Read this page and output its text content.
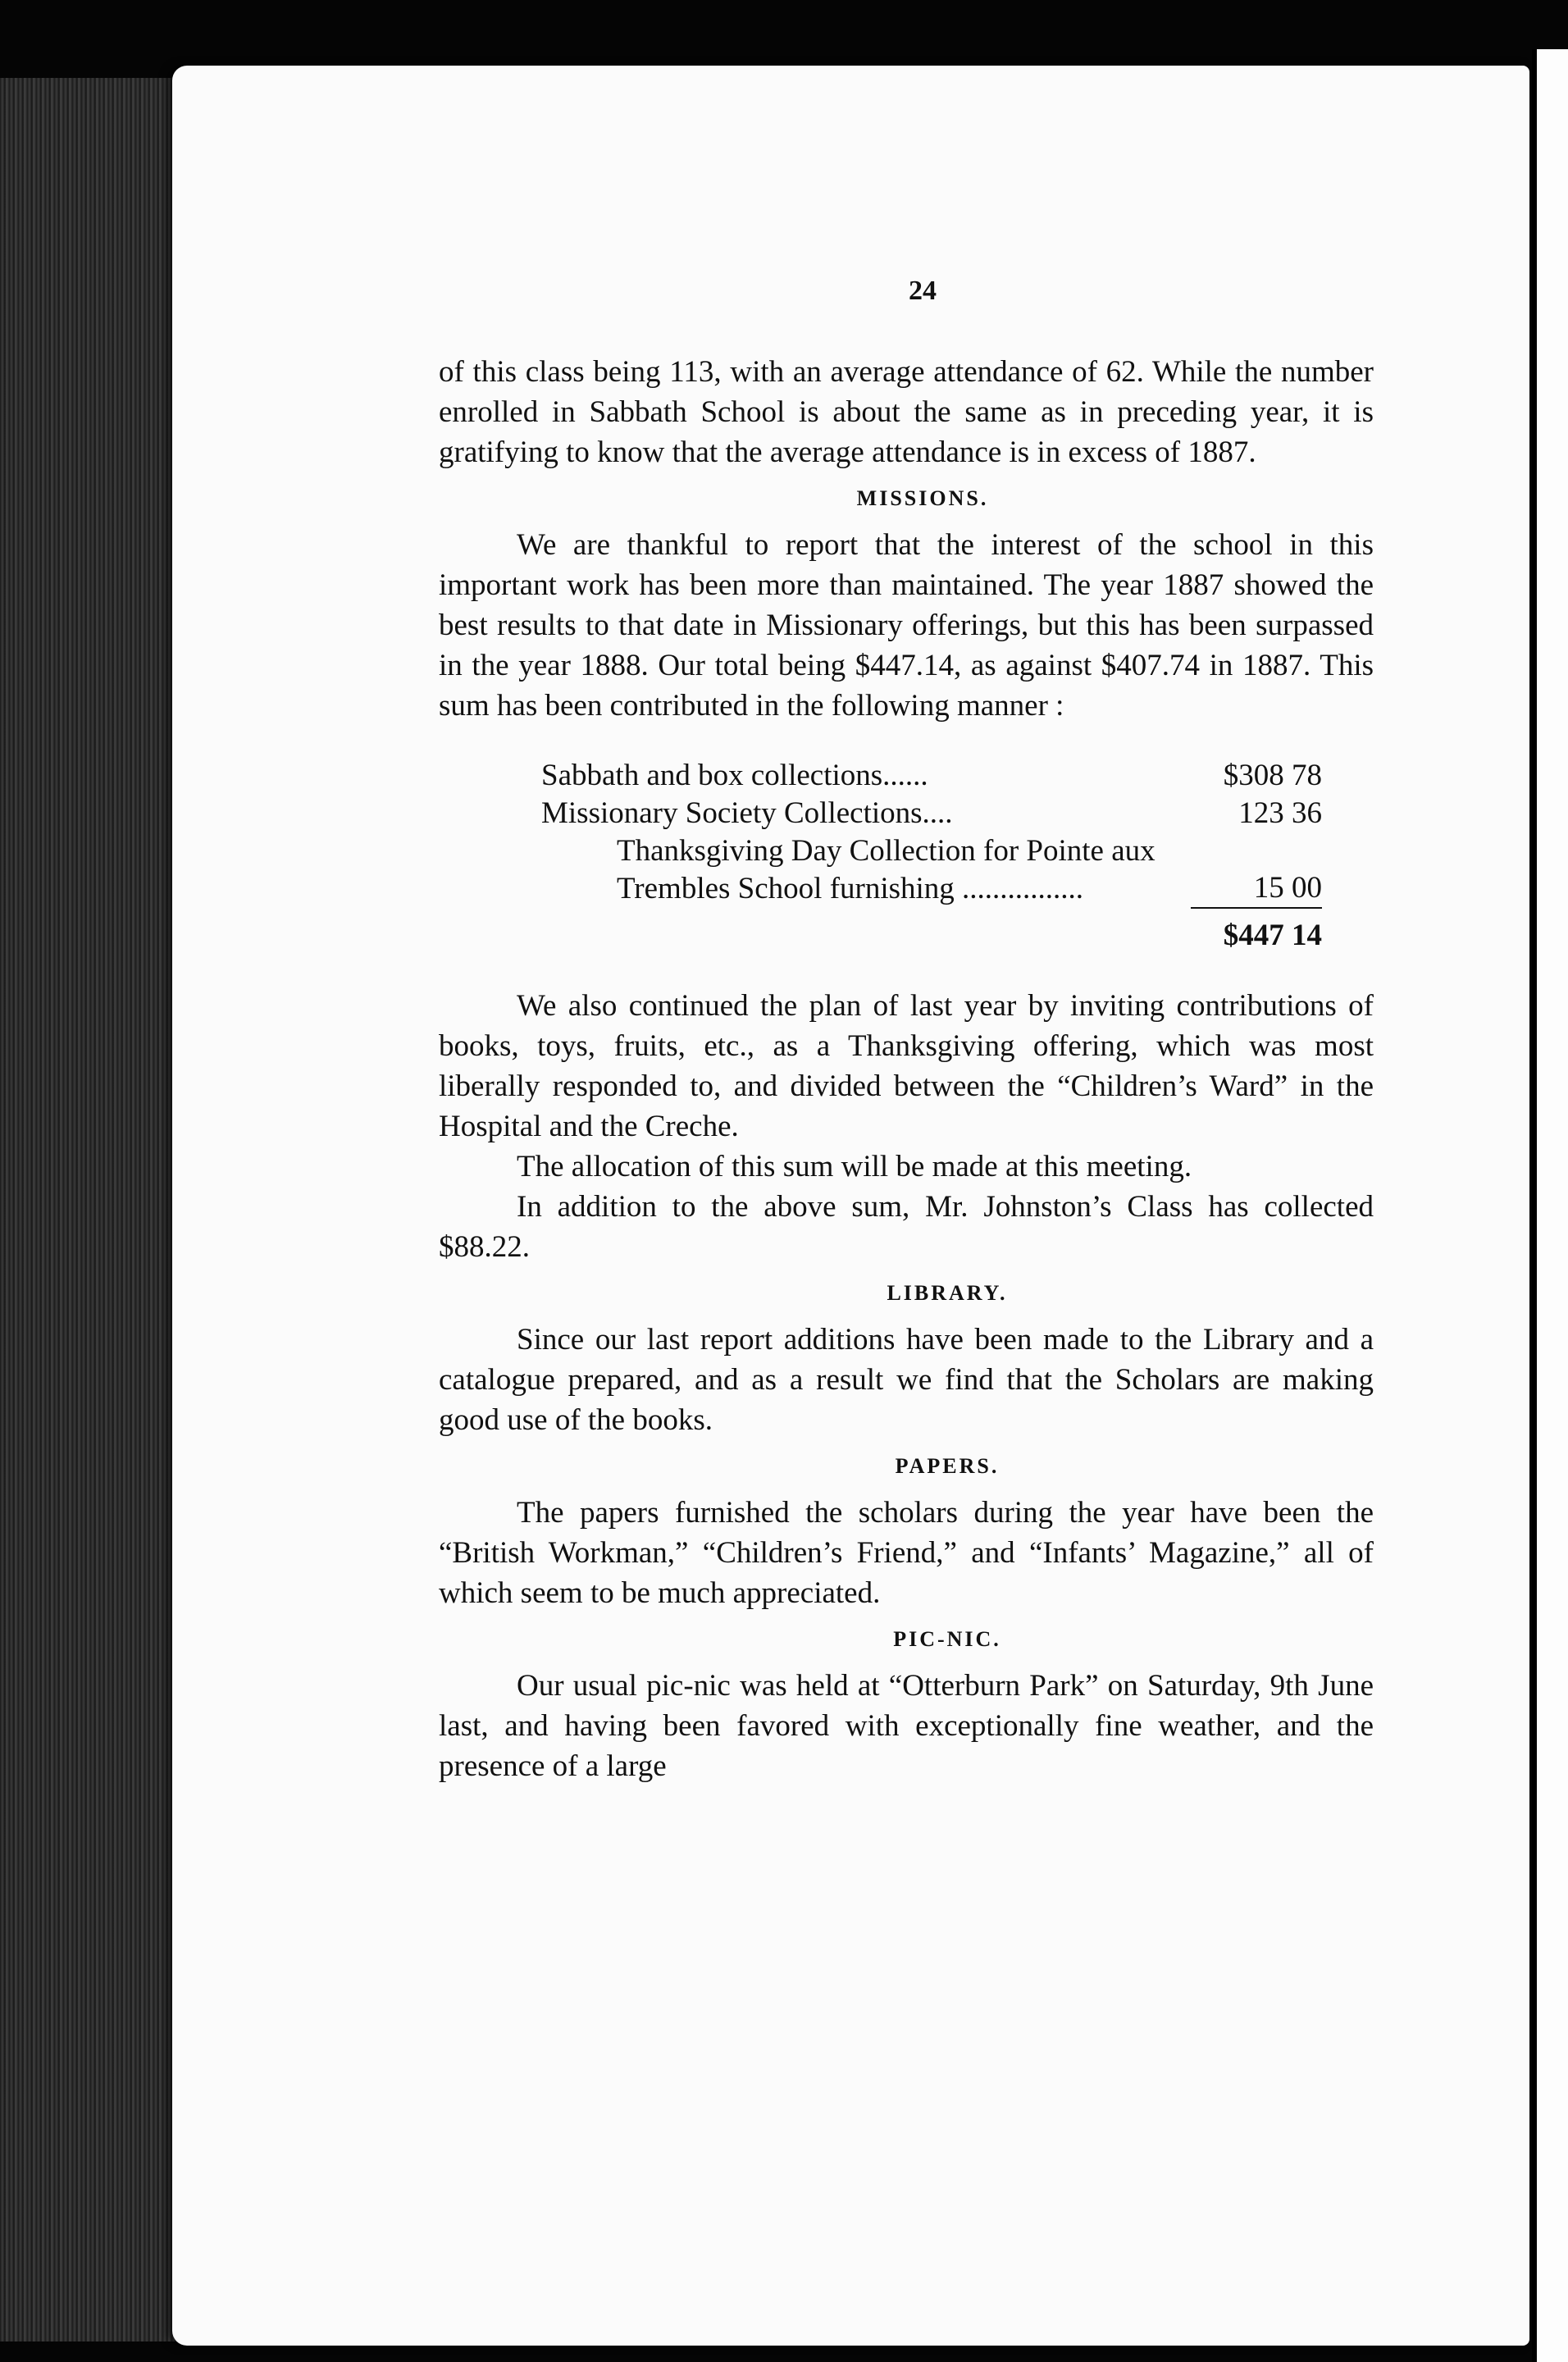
24

of this class being 113, with an average attendance of 62. While the number enrolled in Sabbath School is about the same as in preceding year, it is gratifying to know that the average attendance is in excess of 1887.

MISSIONS.

We are thankful to report that the interest of the school in this important work has been more than maintained. The year 1887 showed the best results to that date in Missionary offerings, but this has been surpassed in the year 1888. Our total being $447.14, as against $407.74 in 1887. This sum has been contributed in the following manner :

Sabbath and box collections......	$308 78
Missionary Society Collections....	123 36
Thanksgiving Day Collection for Pointe aux Trembles School furnishing ................	15 00
	$447 14

We also continued the plan of last year by inviting contributions of books, toys, fruits, etc., as a Thanksgiving offering, which was most liberally responded to, and divided between the “Children’s Ward” in the Hospital and the Creche.

The allocation of this sum will be made at this meeting.

In addition to the above sum, Mr. Johnston’s Class has collected $88.22.

LIBRARY.

Since our last report additions have been made to the Library and a catalogue prepared, and as a result we find that the Scholars are making good use of the books.

PAPERS.

The papers furnished the scholars during the year have been the “British Workman,” “Children’s Friend,” and “Infants’ Magazine,” all of which seem to be much appreciated.

PIC-NIC.

Our usual pic-nic was held at “Otterburn Park” on Saturday, 9th June last, and having been favored with exceptionally fine weather, and the presence of a large
